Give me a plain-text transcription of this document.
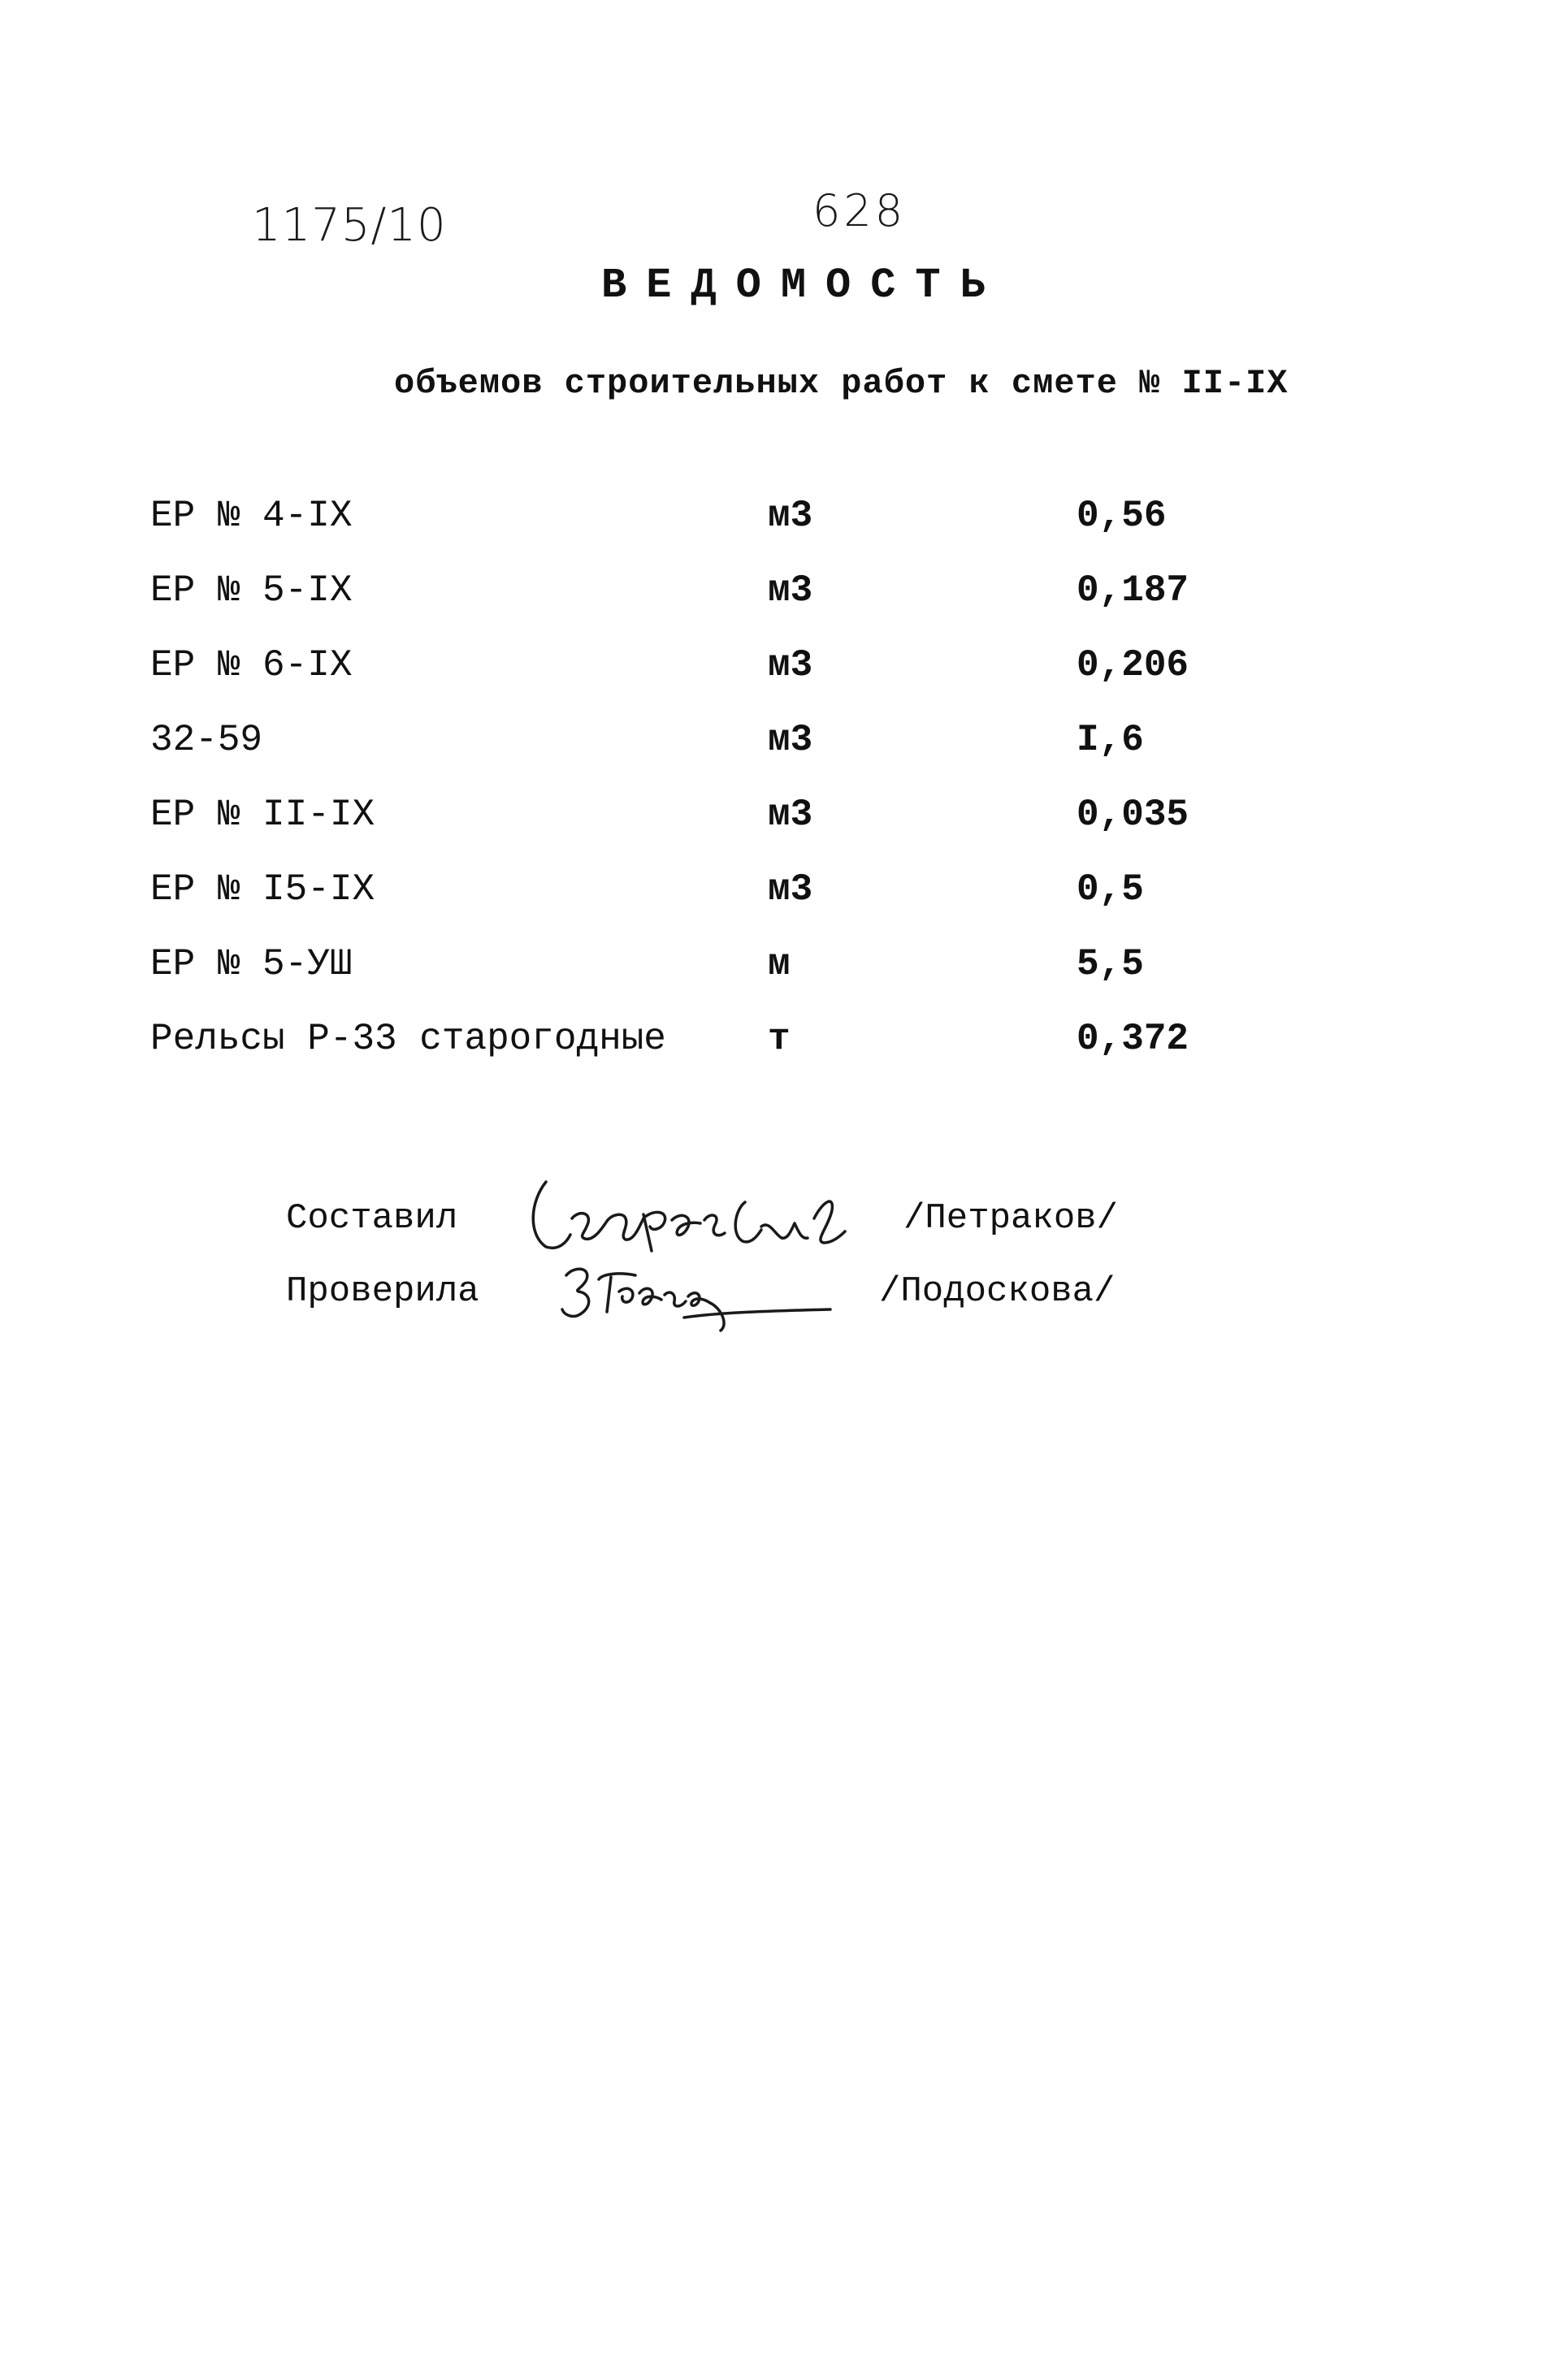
1175/10	628
ВЕДОМОСТЬ
объемов строительных работ к смете № II-IX
ЕР № 4-IX	м3	0,56
ЕР № 5-IX	м3	0,187
ЕР № 6-IX	м3	0,206
32-59	м3	I,6
ЕР № II-IX	м3	0,035
ЕР № I5-IX	м3	0,5
ЕР № 5-УШ	м	5,5
Рельсы Р-33 старогодные	т	0,372
Составил	/Петраков/
Проверила	/Подоскова/
